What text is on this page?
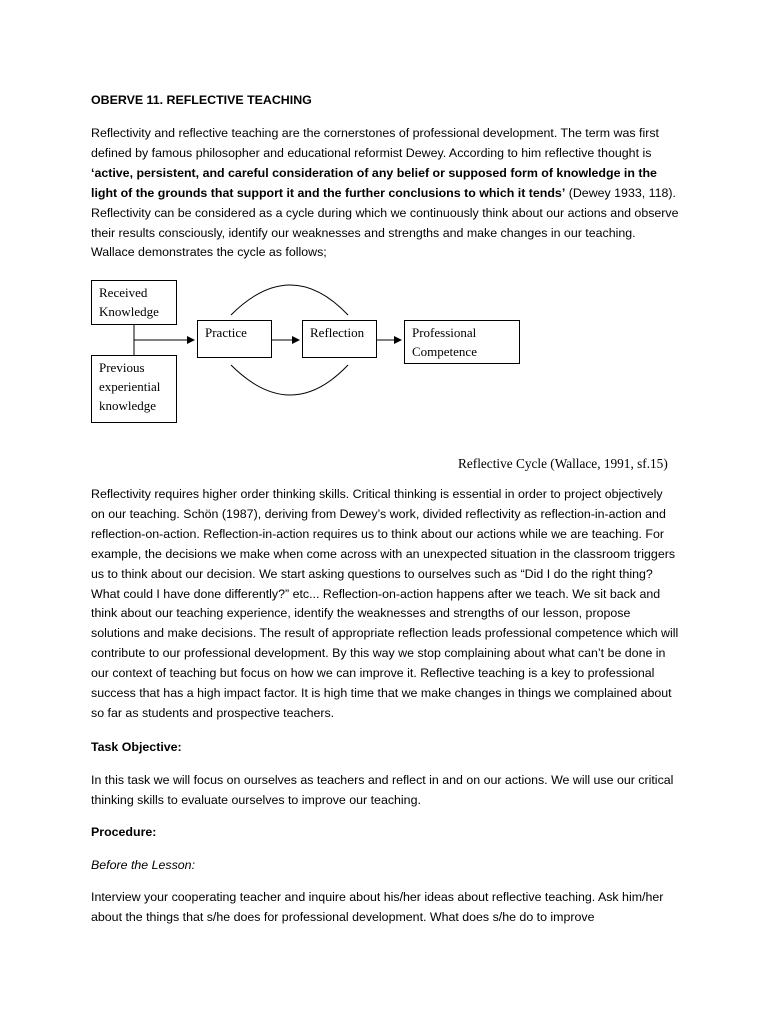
OBERVE 11. REFLECTIVE TEACHING

Reflectivity and reflective teaching are the cornerstones of professional development. The term was first defined by famous philosopher and educational reformist Dewey. According to him reflective thought is ‘active, persistent, and careful consideration of any belief or supposed form of knowledge in the light of the grounds that support it and the further conclusions to which it tends’ (Dewey 1933, 118). Reflectivity can be considered as a cycle during which we continuously think about our actions and observe their results consciously, identify our weaknesses and strengths and make changes in our teaching. Wallace demonstrates the cycle as follows;

Received Knowledge
Previous experiential knowledge
Practice	Reflection	Professional Competence
Reflective Cycle (Wallace, 1991, sf.15)

Reflectivity requires higher order thinking skills. Critical thinking is essential in order to project objectively on our teaching. Schön (1987), deriving from Dewey’s work, divided reflectivity as reflection-in-action and reflection-on-action. Reflection-in-action requires us to think about our actions while we are teaching. For example, the decisions we make when come across with an unexpected situation in the classroom triggers us to think about our decision. We start asking questions to ourselves such as “Did I do the right thing? What could I have done differently?” etc... Reflection-on-action happens after we teach. We sit back and think about our teaching experience, identify the weaknesses and strengths of our lesson, propose solutions and make decisions. The result of appropriate reflection leads professional competence which will contribute to our professional development. By this way we stop complaining about what can’t be done in our context of teaching but focus on how we can improve it. Reflective teaching is a key to professional success that has a high impact factor. It is high time that we make changes in things we complained about so far as students and prospective teachers.

Task Objective:

In this task we will focus on ourselves as teachers and reflect in and on our actions. We will use our critical thinking skills to evaluate ourselves to improve our teaching.

Procedure:
Before the Lesson:

Interview your cooperating teacher and inquire about his/her ideas about reflective teaching. Ask him/her about the things that s/he does for professional development. What does s/he do to improve
